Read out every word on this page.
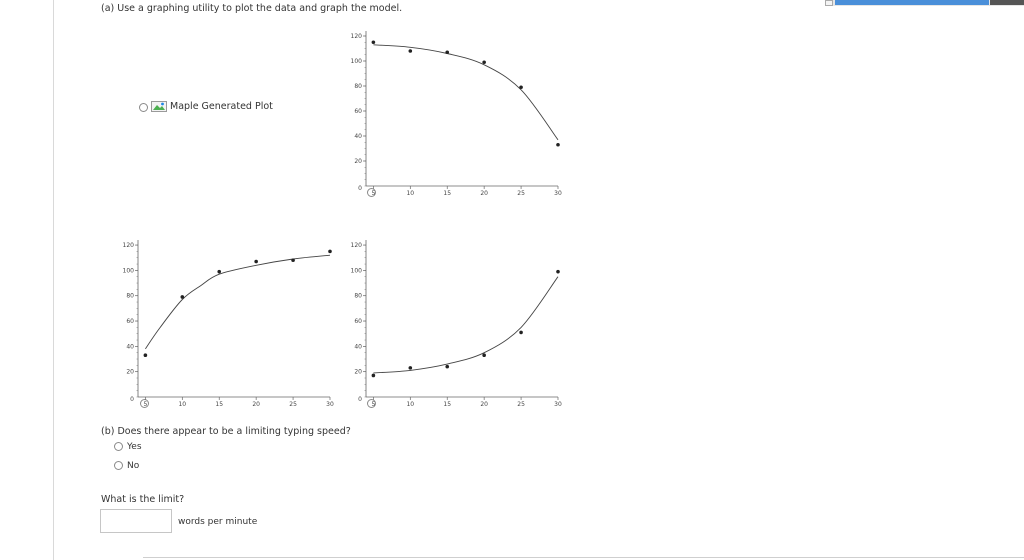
(a) Use a graphing utility to plot the data and graph the model.
Maple Generated Plot
20
40
60
80
100
120
0
5	10	15	20	25	30
20
40
60
80
100
120
0
5	10	15	20	25	30
20
40
60
80
100
120
0
5	10	15	20	25	30
(b) Does there appear to be a limiting typing speed?
Yes
No
What is the limit?
words per minute
